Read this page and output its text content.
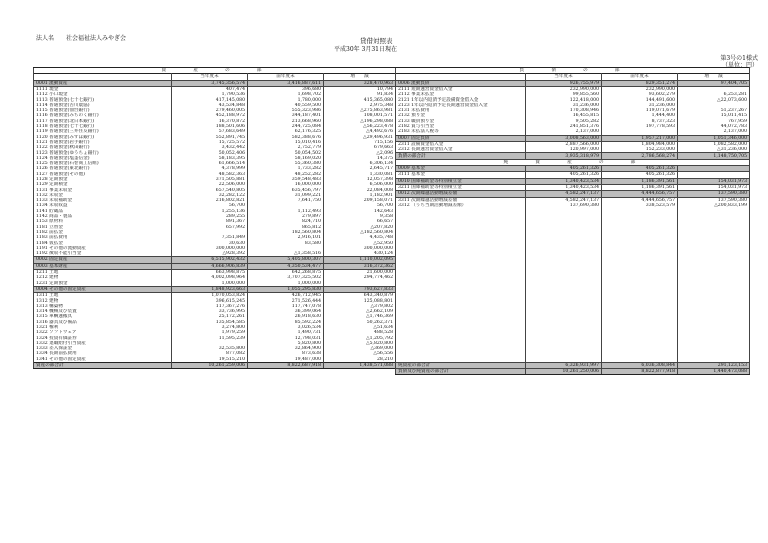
法人名　　社会福祉法人みやぎ会	貸借対照表
平成30年 3月31日現在
第3号の1様式
（単位：円）
資　　産　　の　　部			
	当年度末	前年度末	増　　減
0001 流動資産	3,745,356,574	3,416,887,611	328,470,963
1111 現金	407,474	396,680	10,794
1112 小口現金	1,790,536	1,698,702	91,834
1113 普通預金(七十七銀行)	417,145,080	1,780,000	415,365,080
1114 普通預金(古川農協)	43,534,848	40,559,500	2,975,348
1115 普通預金(仙台銀行)	279,460,005	555,323,986	△275,863,981
1116 普通預金(みちのく銀行)	452,188,972	344,187,401	108,001,571
1117 普通預金(北日本銀行)	16,370,872	213,668,960	△196,298,088
1118 普通預金(七十七銀行)	188,501,606	244,725,084	△56,223,478
1119 普通預金(三井住友銀行)	57,683,649	62,176,325	△4,492,676
1120 普通預金(みずほ銀行)	552,891,745	582,388,676	△29,496,931
1121 普通預金(岩手銀行)	15,725,572	15,010,416	715,156
1122 普通預金(秋田銀行)	3,432,442	2,752,779	679,663
1123 普通預金(ゆうちょ銀行)	50,052,406	50,054,502	△2,096
1124 普通預金(塩釜信金)	58,183,395	58,169,020	14,375
1125 普通預金(石巻商工信組)	61,666,514	55,360,380	6,306,134
1126 普通預金(東北銀行)	4,378,999	1,733,282	2,645,717
1127 普通預金(その他)	48,582,363	48,252,282	1,330,081
1128 定期預金	371,505,881	359,548,483	12,057,398
1129 定期積金	22,506,000	16,000,000	6,506,000
1131 事業未収金	657,540,805	635,456,797	22,084,008
1132 未収金	32,282,122	31,099,221	1,182,901
1133 未収補助金	216,802,821	7,641,750	209,158,071
1134 未収収益	56,700		56,700
1141 貯蔵品	1,255,136	1,112,493	142,643
1142 商品・製品	289,255	279,897	9,358
1153 原材料	891,367	824,710	66,657
1181 立替金	657,992	865,812	△207,820
1182 前払金		182,560,804	△182,560,804
1183 前払費用	7,351,849	2,916,101	4,435,748
1184 仮払金	30,630	83,580	△52,950
1191 その他の流動資産	300,000,000		300,000,000
1192 徴収不能引当金	△928,392	△1,358,516	430,124
0002 固定資産	6,515,902,432	5,405,800,307	1,110,002,095
0003 基本財産	4,666,906,839	4,350,534,477	316,372,362
1211 土地	663,998,875	642,268,875	21,600,000
1212 建物	4,002,098,964	3,707,325,502	294,774,462
1231 定期預金	1,000,000	1,000,000	
0004 その他の固定資産	1,848,923,663	1,055,295,830	793,627,833
1311 土地	1,070,053,824	426,712,945	643,340,879
1312 建物	396,615,245	271,526,444	125,088,801
1313 構築物	117,367,276	117,747,078	△379,802
1314 機械及び装置	33,736,995	36,399,064	△2,662,109
1315 車輌運搬具	25,172,261	26,918,630	△1,746,369
1316 器具及び備品	135,854,585	85,592,224	50,262,371
1321 権利	3,274,800	3,026,534	△51,634
1322 ソフトウェア	1,979,259	1,490,731	488,528
1324 投資有価証券	11,595,239	12,798,031	△1,205,792
1332 退職給付引当資産		5,820,800	△5,820,800
1333 差入保証金	32,535,800	32,864,900	△369,000
1334 長期前払費用	877,082	873,638	△56,556
1341 その他の固定資産	19,515,210	19,487,000	28,210
資産の部合計	10,261,259,006	8,822,687,918	1,438,571,088
負　　債　　の　　部			
	当年度末	前年度末	増　　減
0006 流動負債	926,755,979	829,351,274	97,404,705
2111 短期運営資金借入金	232,990,000	232,990,000	
2112 事業未払金	99,855,560	93,602,279	6,253,281
2121 1年以内返済予定設備資金借入金	122,418,000	144,491,600	△22,073,600
2123 1年以内返済予定長期運営資金借入金	31,236,000	31,236,000	
2131 未払費用	170,308,946	119,071,679	51,237,267
2132 預り金	16,455,815	1,444,400	15,011,415
2133 職員預り金	9,505,282	8,737,323	767,959
2182 賞与引当金	241,851,376	197,778,593	44,072,783
2183 未払法人税等	2,137,000		2,137,000
0007 固定負債	3,008,563,000	1,957,217,000	1,051,346,000
2311 設備資金借入金	2,887,566,000	1,804,984,000	1,082,582,000
2312 長期運営資金借入金	120,997,000	152,233,000	△31,236,000
負債の部合計	3,935,318,979	2,786,568,274	1,148,750,705
純　　資　　産　　の　　部			
0009 基本金	405,261,326	405,261,326	
3111 基本金	405,261,326	405,261,326	
0010 国庫補助金等特別積立金	1,340,423,534	1,186,391,561	154,031,973
3211 国庫補助金等特別積立金	1,340,423,534	1,186,391,561	154,031,973
0012 次期繰越活動増減差額	4,582,247,137	4,444,656,757	137,590,380
3311 次期繰越活動増減差額	4,582,247,137	4,444,656,757	137,590,380
3312 （うち当期活動増減差額）	137,690,380	338,523,579	△200,833,199

純資産の部合計	6,326,931,997	6,036,308,844	291,123,153
負債及び純資産の部合計	10,261,250,006	8,822,877,918	1,440,473,088
